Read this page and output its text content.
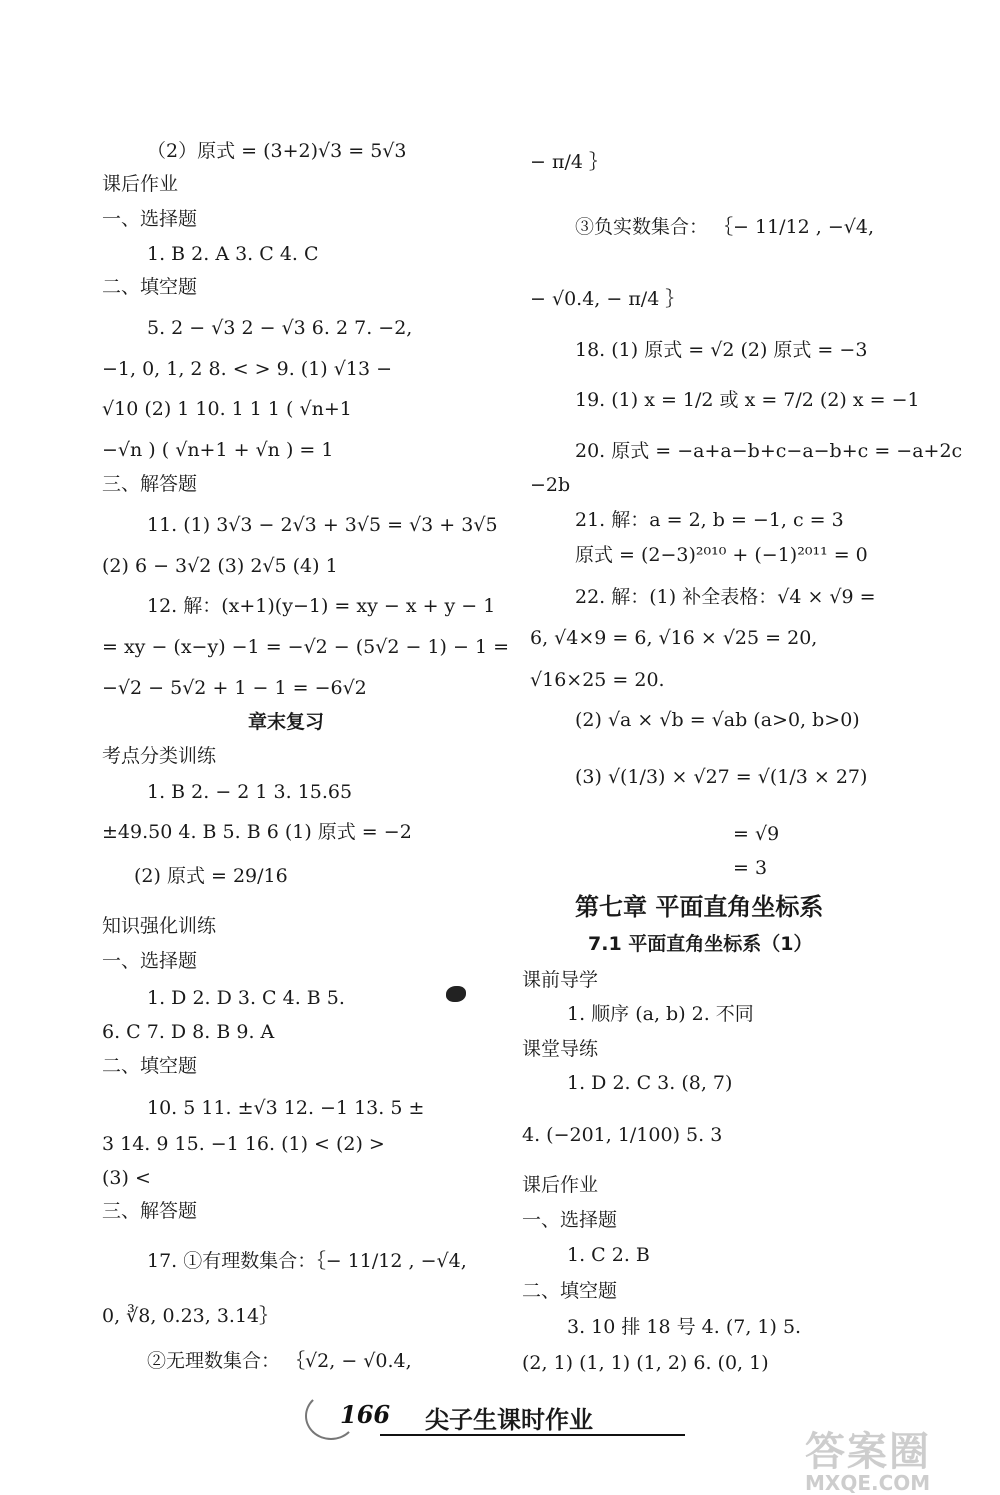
（2）原式 = (3+2)√3 = 5√3
课后作业
一、选择题
1. B 2. A 3. C 4. C
二、填空题
5. 2 − √3 2 − √3 6. 2 7. −2,
−1, 0, 1, 2 8. < > 9. (1) √13 −
√10 (2) 1 10. 1 1 1 ( √n+1
−√n ) ( √n+1 + √n ) = 1
三、解答题
11. (1) 3√3 − 2√3 + 3√5 = √3 + 3√5
(2) 6 − 3√2 (3) 2√5 (4) 1
12. 解：(x+1)(y−1) = xy − x + y − 1
= xy − (x−y) −1 = −√2 − (5√2 − 1) − 1 =
−√2 − 5√2 + 1 − 1 = −6√2
章末复习
考点分类训练
1. B 2. − 2 1 3. 15.65
±49.50 4. B 5. B 6 (1) 原式 = −2
(2) 原式 = 29/16
知识强化训练
一、选择题
1. D 2. D 3. C 4. B 5.
6. C 7. D 8. B 9. A
二、填空题
10. 5 11. ±√3 12. −1 13. 5 ±
3 14. 9 15. −1 16. (1) < (2) >
(3) <
三、解答题
17. ①有理数集合：｛− 11/12 , −√4,
0, ∛8, 0.23, 3.14｝
②无理数集合： ｛√2, − √0.4,
− π/4 ｝
③负实数集合： ｛− 11/12 , −√4,
− √0.4, − π/4 ｝
18. (1) 原式 = √2 (2) 原式 = −3
19. (1) x = 1/2 或 x = 7/2 (2) x = −1
20. 原式 = −a+a−b+c−a−b+c = −a+2c
−2b
21. 解：a = 2, b = −1, c = 3
原式 = (2−3)²⁰¹⁰ + (−1)²⁰¹¹ = 0
22. 解：(1) 补全表格：√4 × √9 =
6, √4×9 = 6, √16 × √25 = 20,
√16×25 = 20.
(2) √a × √b = √ab (a>0, b>0)
(3) √(1/3) × √27 = √(1/3 × 27)
= √9
= 3
第七章 平面直角坐标系
7.1 平面直角坐标系（1）
课前导学
1. 顺序 (a, b) 2. 不同
课堂导练
1. D 2. C 3. (8, 7)
4. (−201, 1/100) 5. 3
课后作业
一、选择题
1. C 2. B
二、填空题
3. 10 排 18 号 4. (7, 1) 5.
(2, 1) (1, 1) (1, 2) 6. (0, 1)
166 尖子生课时作业
答案圈
MXQE.COM
